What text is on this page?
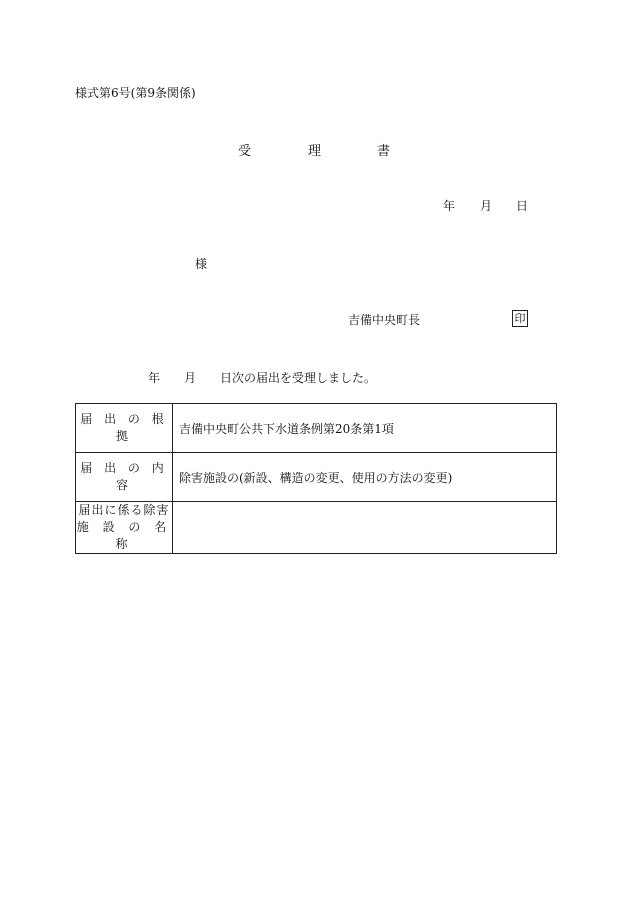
様式第6号(第9条関係)
受	理	書
年 月 日
様
吉備中央町長	印
年 月 日次の届出を受理しました。
届 出 の 根 拠	吉備中央町公共下水道条例第20条第1項
届 出 の 内 容	除害施設の(新設、構造の変更、使用の方法の変更)

届出に係る除害
施 設 の 名 称	
